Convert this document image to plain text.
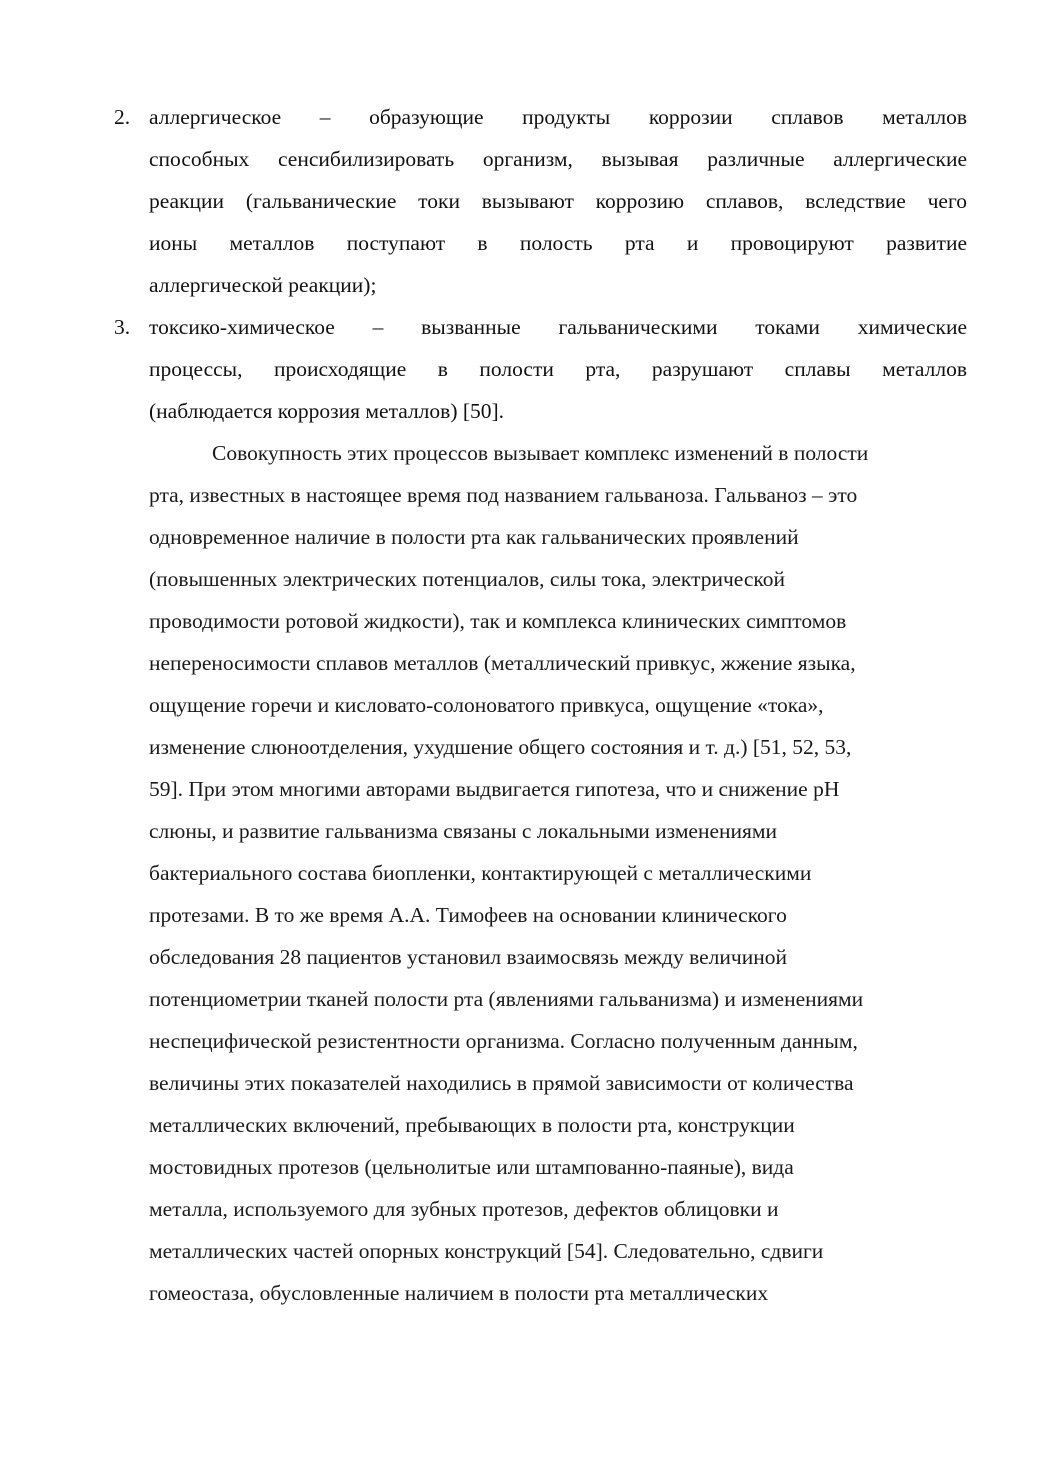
2. аллергическое – образующие продукты коррозии сплавов металлов
способных сенсибилизировать организм, вызывая различные аллергические
реакции (гальванические токи вызывают коррозию сплавов, вследствие чего
ионы металлов поступают в полость рта и провоцируют развитие
аллергической реакции);
3. токсико-химическое – вызванные гальваническими токами химические
процессы, происходящие в полости рта, разрушают сплавы металлов
(наблюдается коррозия металлов) [50].
Совокупность этих процессов вызывает комплекс изменений в полости
рта, известных в настоящее время под названием гальваноза. Гальваноз – это
одновременное наличие в полости рта как гальванических проявлений
(повышенных электрических потенциалов, силы тока, электрической
проводимости ротовой жидкости), так и комплекса клинических симптомов
непереносимости сплавов металлов (металлический привкус, жжение языка,
ощущение горечи и кисловато-солоноватого привкуса, ощущение «тока»,
изменение слюноотделения, ухудшение общего состояния и т. д.) [51, 52, 53,
59]. При этом многими авторами выдвигается гипотеза, что и снижение рН
слюны, и развитие гальванизма связаны с локальными изменениями
бактериального состава биопленки, контактирующей с металлическими
протезами. В то же время А.А. Тимофеев на основании клинического
обследования 28 пациентов установил взаимосвязь между величиной
потенциометрии тканей полости рта (явлениями гальванизма) и изменениями
неспецифической резистентности организма. Согласно полученным данным,
величины этих показателей находились в прямой зависимости от количества
металлических включений, пребывающих в полости рта, конструкции
мостовидных протезов (цельнолитые или штампованно-паяные), вида
металла, используемого для зубных протезов, дефектов облицовки и
металлических частей опорных конструкций [54]. Следовательно, сдвиги
гомеостаза, обусловленные наличием в полости рта металлических
